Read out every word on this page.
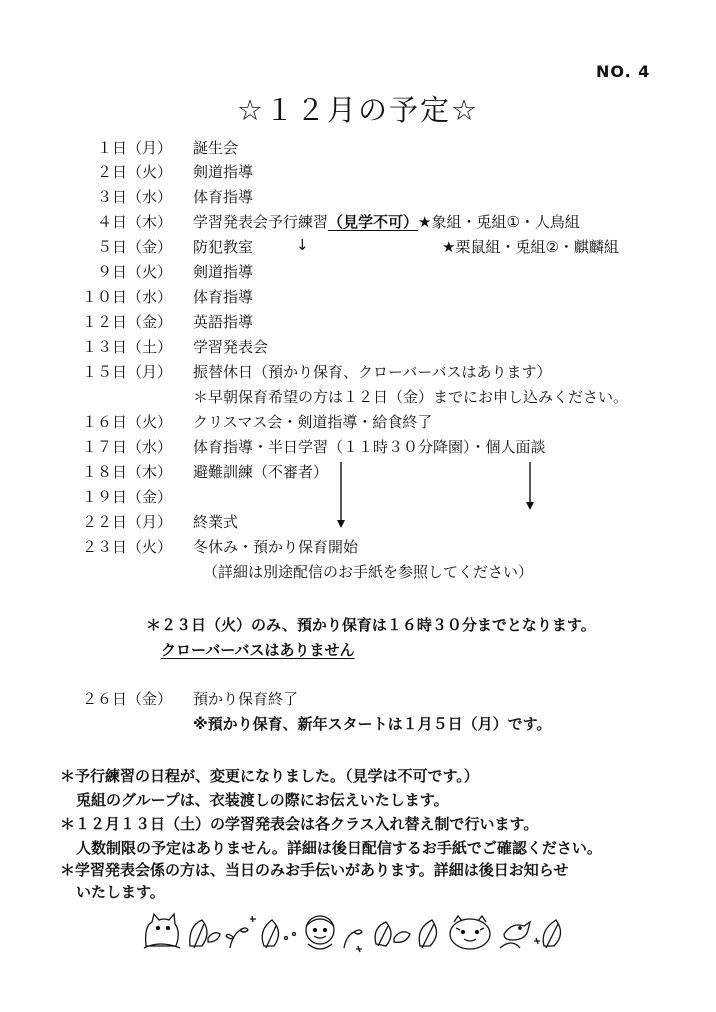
NO. 4
☆１２月の予定☆
１日（月） 誕生会
２日（火） 剣道指導
３日（水） 体育指導
４日（木） 学習発表会予行練習（見学不可）★象組・兎組①・人鳥組
５日（金） 防犯教室	↓	★栗鼠組・兎組②・麒麟組
９日（火） 剣道指導
１０日（水） 体育指導
１２日（金） 英語指導
１３日（土） 学習発表会
１５日（月） 振替休日（預かり保育、クローバーバスはあります）
＊早朝保育希望の方は１２日（金）までにお申し込みください。
１６日（火） クリスマス会・剣道指導・給食終了
１７日（水） 体育指導・半日学習（１１時３０分降園）・個人面談
１８日（木） 避難訓練（不審者）
１９日（金）
２２日（月） 終業式
２３日（火） 冬休み・預かり保育開始
（詳細は別途配信のお手紙を参照してください）
＊２３日（火）のみ、預かり保育は１６時３０分までとなります。
クローバーバスはありません
２６日（金） 預かり保育終了
※預かり保育、新年スタートは１月５日（月）です。
＊予行練習の日程が、変更になりました。（見学は不可です。）
兎組のグループは、衣装渡しの際にお伝えいたします。
＊１２月１３日（土）の学習発表会は各クラス入れ替え制で行います。
人数制限の予定はありません。詳細は後日配信するお手紙でご確認ください。
＊学習発表会係の方は、当日のみお手伝いがあります。詳細は後日お知らせ
いたします。
